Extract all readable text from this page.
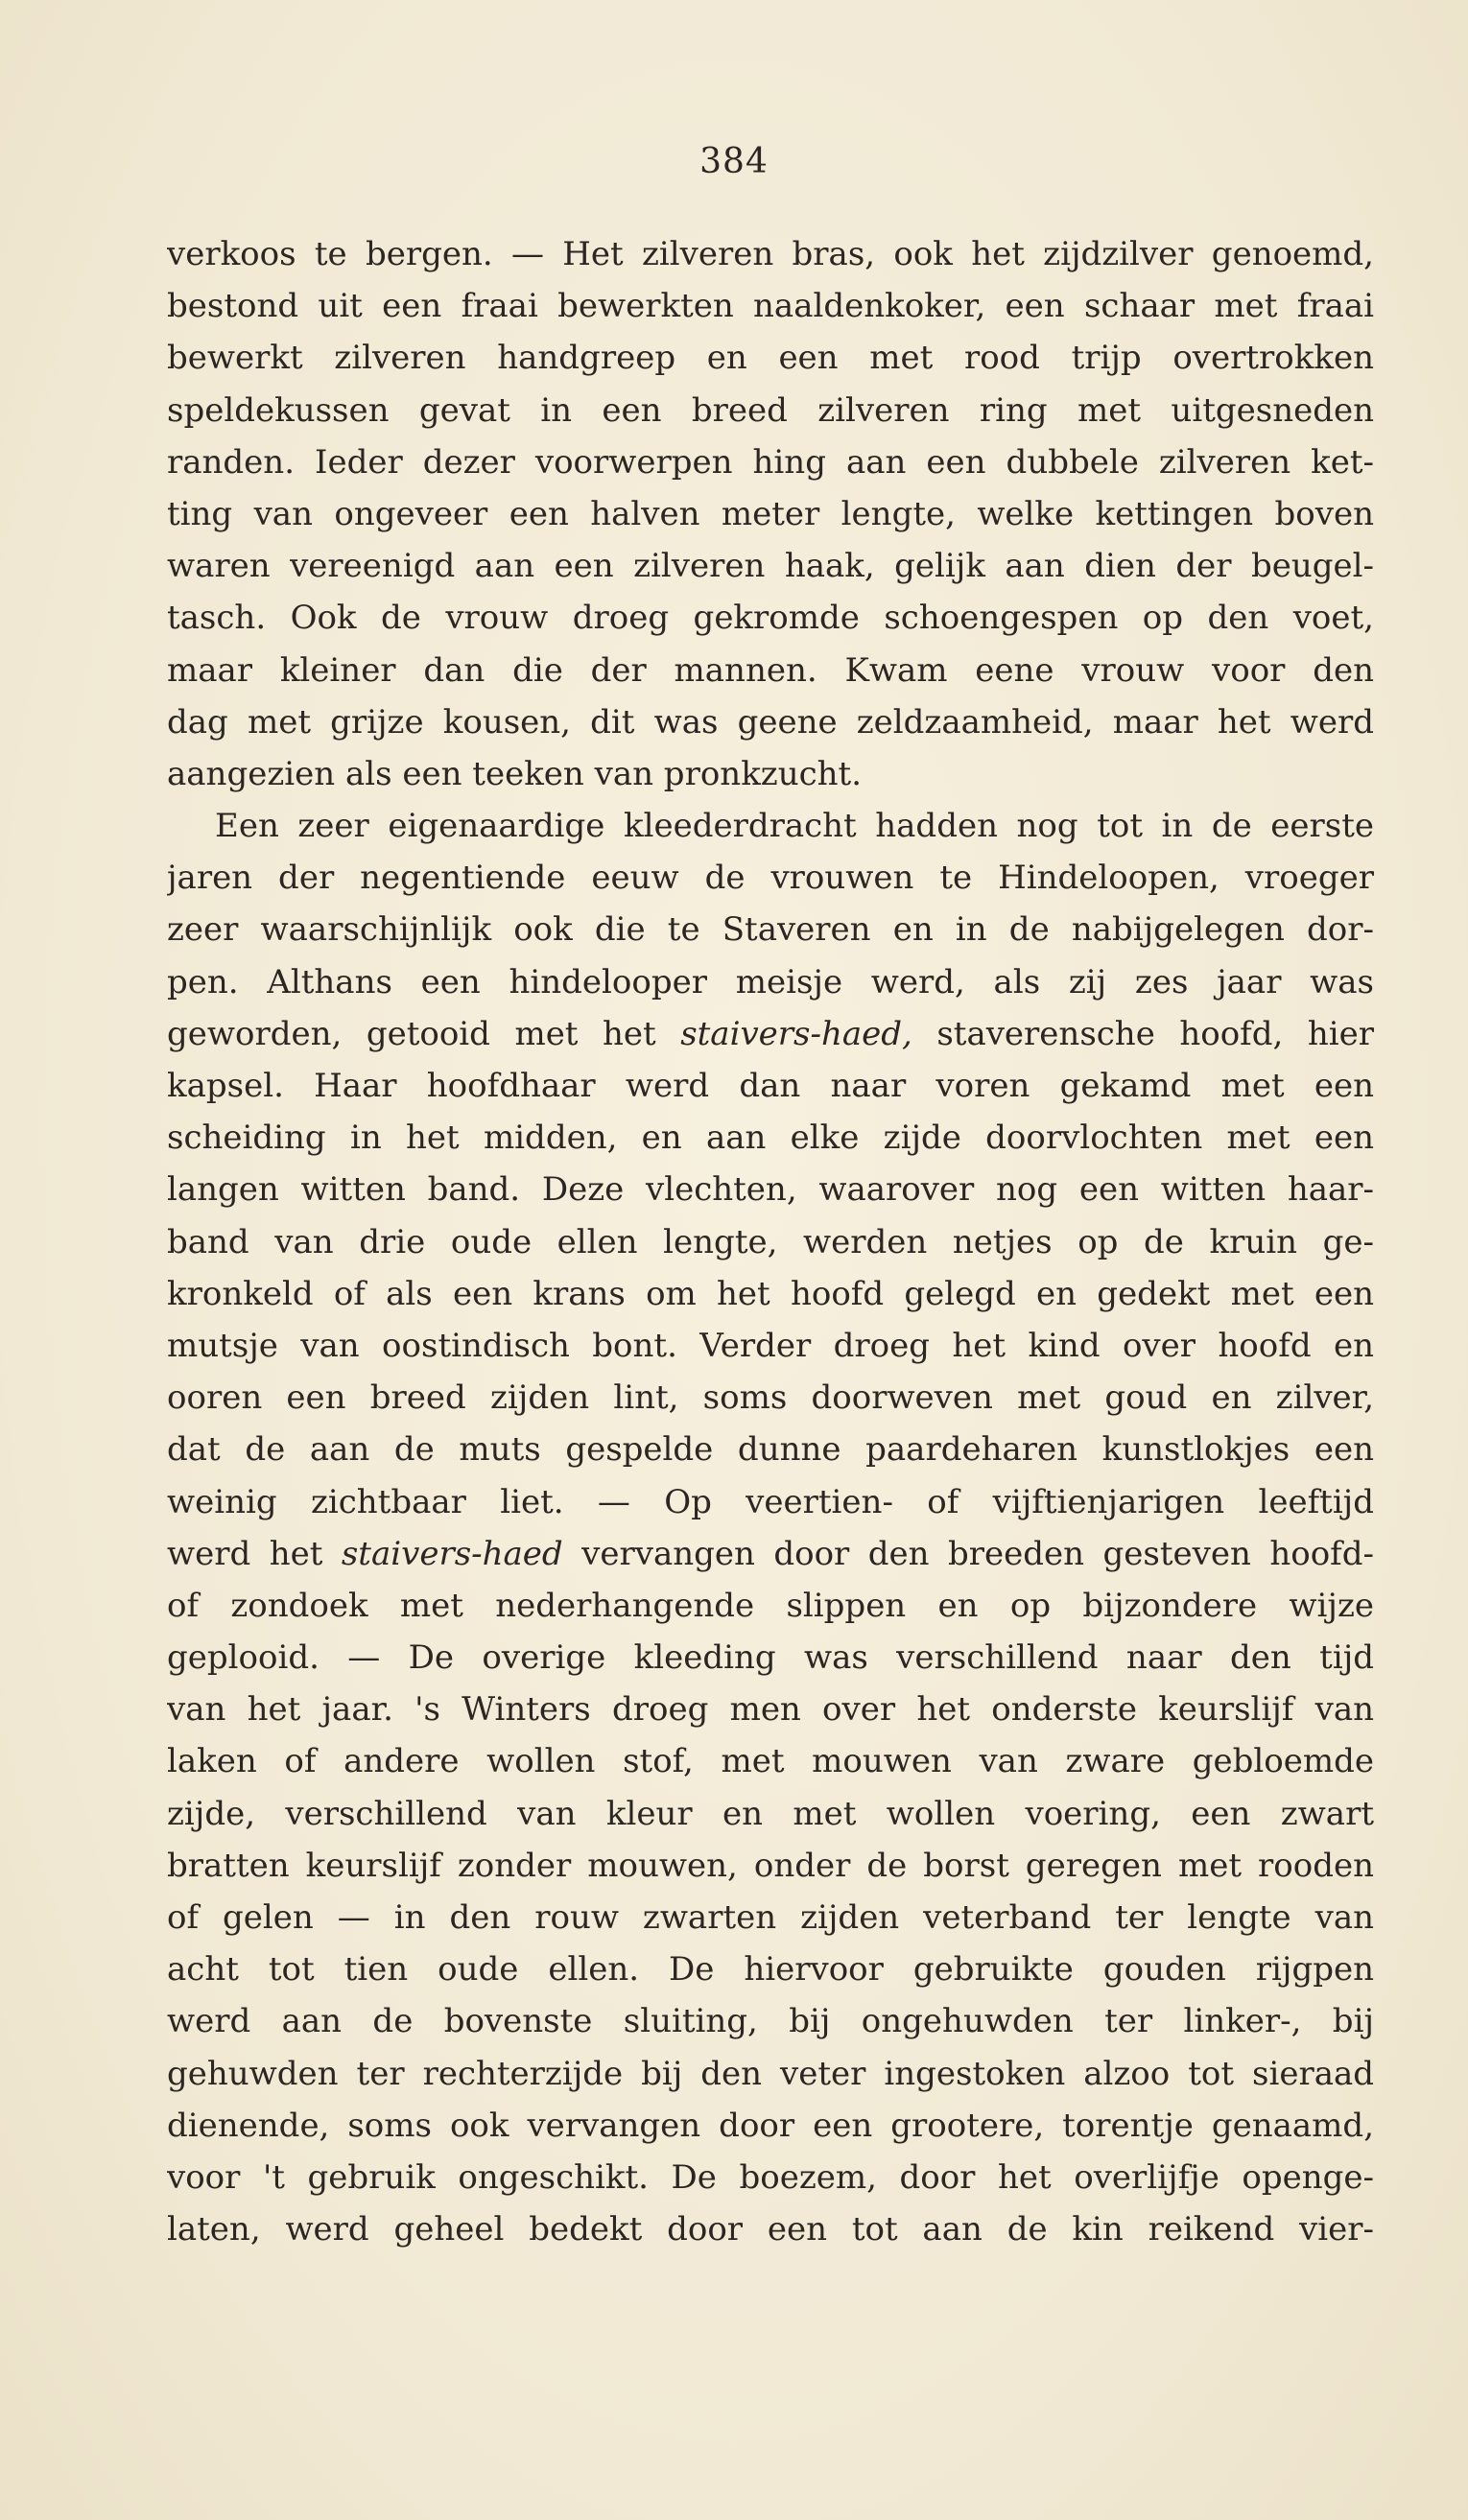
384
verkoos te bergen. — Het zilveren bras, ook het zijdzilver genoemd,
bestond uit een fraai bewerkten naaldenkoker, een schaar met fraai
bewerkt zilveren handgreep en een met rood trijp overtrokken
speldekussen gevat in een breed zilveren ring met uitgesneden
randen. Ieder dezer voorwerpen hing aan een dubbele zilveren ket-
ting van ongeveer een halven meter lengte, welke kettingen boven
waren vereenigd aan een zilveren haak, gelijk aan dien der beugel-
tasch. Ook de vrouw droeg gekromde schoengespen op den voet,
maar kleiner dan die der mannen. Kwam eene vrouw voor den
dag met grijze kousen, dit was geene zeldzaamheid, maar het werd
aangezien als een teeken van pronkzucht.
Een zeer eigenaardige kleederdracht hadden nog tot in de eerste
jaren der negentiende eeuw de vrouwen te Hindeloopen, vroeger
zeer waarschijnlijk ook die te Staveren en in de nabijgelegen dor-
pen. Althans een hindelooper meisje werd, als zij zes jaar was
geworden, getooid met het staivers-haed, staverensche hoofd, hier
kapsel. Haar hoofdhaar werd dan naar voren gekamd met een
scheiding in het midden, en aan elke zijde doorvlochten met een
langen witten band. Deze vlechten, waarover nog een witten haar-
band van drie oude ellen lengte, werden netjes op de kruin ge-
kronkeld of als een krans om het hoofd gelegd en gedekt met een
mutsje van oostindisch bont. Verder droeg het kind over hoofd en
ooren een breed zijden lint, soms doorweven met goud en zilver,
dat de aan de muts gespelde dunne paardeharen kunstlokjes een
weinig zichtbaar liet. — Op veertien- of vijftienjarigen leeftijd
werd het staivers-haed vervangen door den breeden gesteven hoofd-
of zondoek met nederhangende slippen en op bijzondere wijze
geplooid. — De overige kleeding was verschillend naar den tijd
van het jaar. 's Winters droeg men over het onderste keurslijf van
laken of andere wollen stof, met mouwen van zware gebloemde
zijde, verschillend van kleur en met wollen voering, een zwart
bratten keurslijf zonder mouwen, onder de borst geregen met rooden
of gelen — in den rouw zwarten zijden veterband ter lengte van
acht tot tien oude ellen. De hiervoor gebruikte gouden rijgpen
werd aan de bovenste sluiting, bij ongehuwden ter linker-, bij
gehuwden ter rechterzijde bij den veter ingestoken alzoo tot sieraad
dienende, soms ook vervangen door een grootere, torentje genaamd,
voor 't gebruik ongeschikt. De boezem, door het overlijfje openge-
laten, werd geheel bedekt door een tot aan de kin reikend vier-
